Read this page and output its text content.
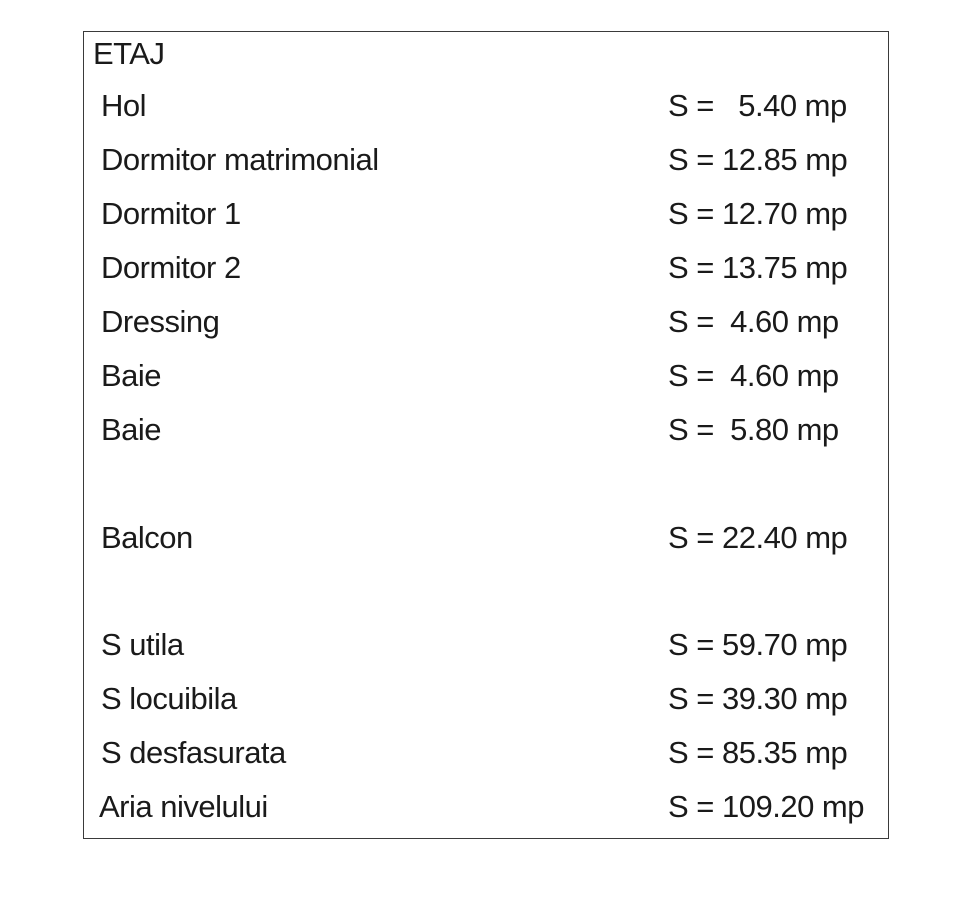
ETAJ
Hol	S =   5.40 mp
Dormitor matrimonial	S = 12.85 mp
Dormitor 1	S = 12.70 mp
Dormitor 2	S = 13.75 mp
Dressing	S =  4.60 mp
Baie	S =  4.60 mp
Baie	S =  5.80 mp
Balcon	S = 22.40 mp
S utila	S = 59.70 mp
S locuibila	S = 39.30 mp
S desfasurata	S = 85.35 mp
Aria nivelului	S = 109.20 mp
